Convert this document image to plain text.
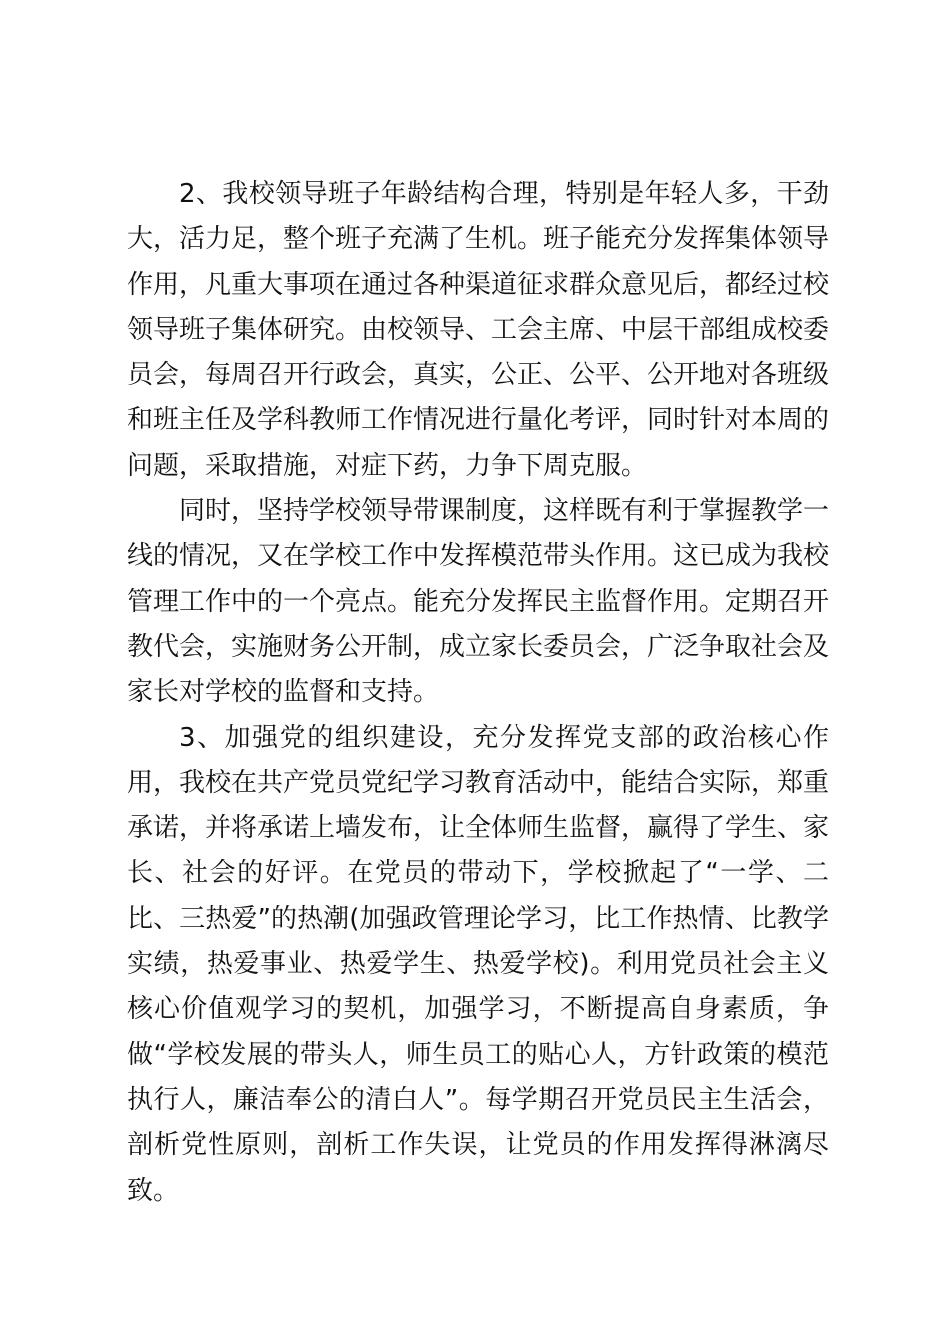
2、我校领导班子年龄结构合理，特别是年轻人多，干劲大，活力足，整个班子充满了生机。班子能充分发挥集体领导作用，凡重大事项在通过各种渠道征求群众意见后，都经过校领导班子集体研究。由校领导、工会主席、中层干部组成校委员会，每周召开行政会，真实，公正、公平、公开地对各班级和班主任及学科教师工作情况进行量化考评，同时针对本周的问题，采取措施，对症下药，力争下周克服。

同时，坚持学校领导带课制度，这样既有利于掌握教学一线的情况，又在学校工作中发挥模范带头作用。这已成为我校管理工作中的一个亮点。能充分发挥民主监督作用。定期召开教代会，实施财务公开制，成立家长委员会，广泛争取社会及家长对学校的监督和支持。

3、加强党的组织建设，充分发挥党支部的政治核心作用，我校在共产党员党纪学习教育活动中，能结合实际，郑重承诺，并将承诺上墙发布，让全体师生监督，赢得了学生、家长、社会的好评。在党员的带动下，学校掀起了“一学、二比、三热爱”的热潮(加强政管理论学习，比工作热情、比教学实绩，热爱事业、热爱学生、热爱学校)。利用党员社会主义核心价值观学习的契机，加强学习，不断提高自身素质，争做“学校发展的带头人，师生员工的贴心人，方针政策的模范执行人，廉洁奉公的清白人”。每学期召开党员民主生活会，剖析党性原则，剖析工作失误，让党员的作用发挥得淋漓尽致。
